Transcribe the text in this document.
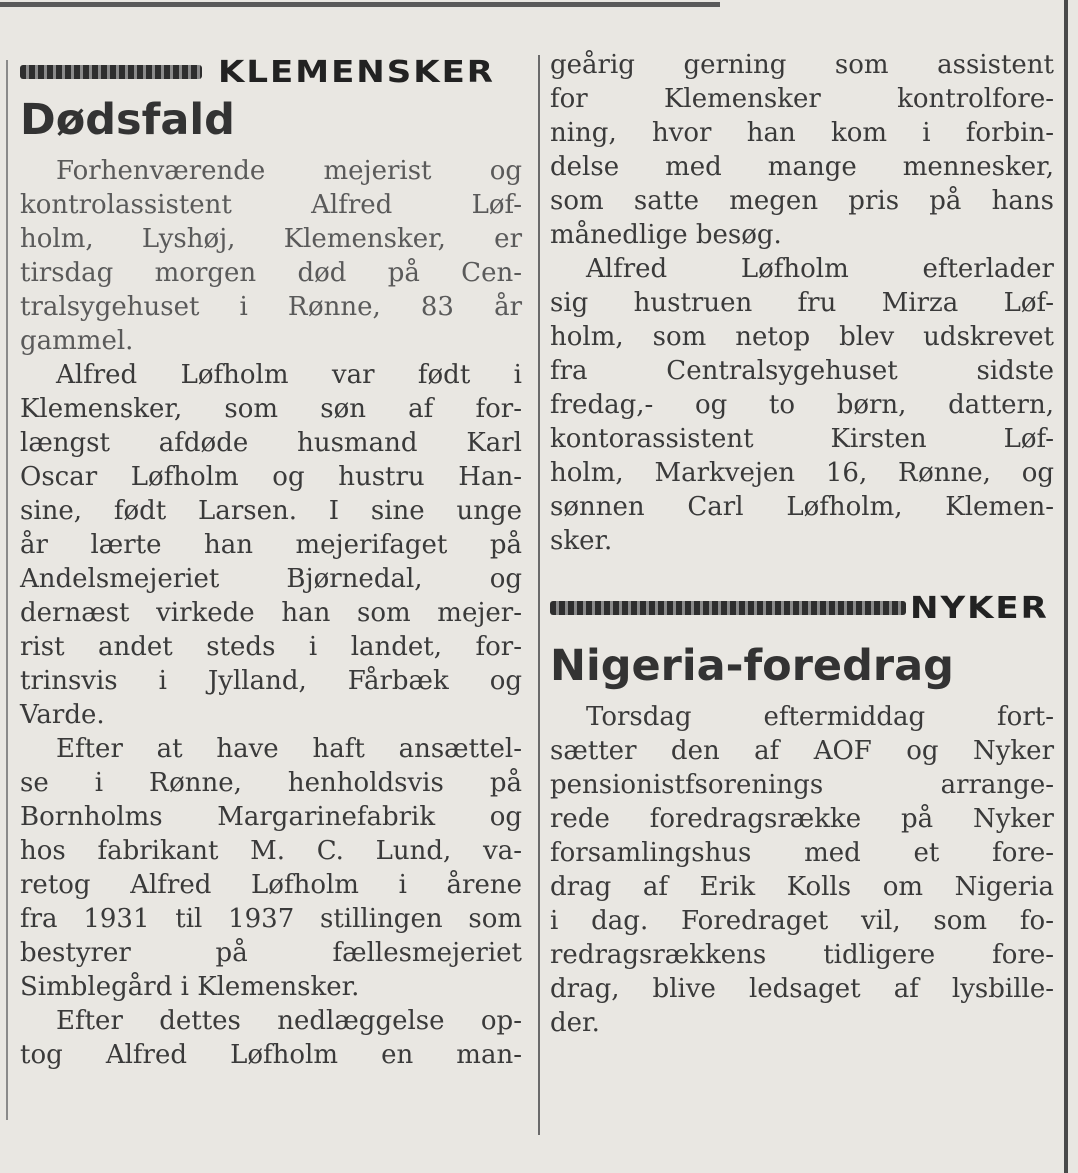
KLEMENSKER
Dødsfald
Forhenværende mejerist og
kontrolassistent Alfred Løf-
holm, Lyshøj, Klemensker, er
tirsdag morgen død på Cen-
tralsygehuset i Rønne, 83 år
gammel.
Alfred Løfholm var født i
Klemensker, som søn af for-
længst afdøde husmand Karl
Oscar Løfholm og hustru Han-
sine, født Larsen. I sine unge
år lærte han mejerifaget på
Andelsmejeriet Bjørnedal, og
dernæst virkede han som mejer-
rist andet steds i landet, for-
trinsvis i Jylland, Fårbæk og
Varde.
Efter at have haft ansættel-
se i Rønne, henholdsvis på
Bornholms Margarinefabrik og
hos fabrikant M. C. Lund, va-
retog Alfred Løfholm i årene
fra 1931 til 1937 stillingen som
bestyrer på fællesmejeriet
Simblegård i Klemensker.
Efter dettes nedlæggelse op-
tog Alfred Løfholm en man-
geårig gerning som assistent
for Klemensker kontrolfore-
ning, hvor han kom i forbin-
delse med mange mennesker,
som satte megen pris på hans
månedlige besøg.
Alfred Løfholm efterlader
sig hustruen fru Mirza Løf-
holm, som netop blev udskrevet
fra Centralsygehuset sidste
fredag,- og to børn, dattern,
kontorassistent Kirsten Løf-
holm, Markvejen 16, Rønne, og
sønnen Carl Løfholm, Klemen-
sker.
NYKER
Nigeria-foredrag
Torsdag eftermiddag fort-
sætter den af AOF og Nyker
pensionistfsorenings arrange-
rede foredragsrække på Nyker
forsamlingshus med et fore-
drag af Erik Kolls om Nigeria
i dag. Foredraget vil, som fo-
redragsrækkens tidligere fore-
drag, blive ledsaget af lysbille-
der.
